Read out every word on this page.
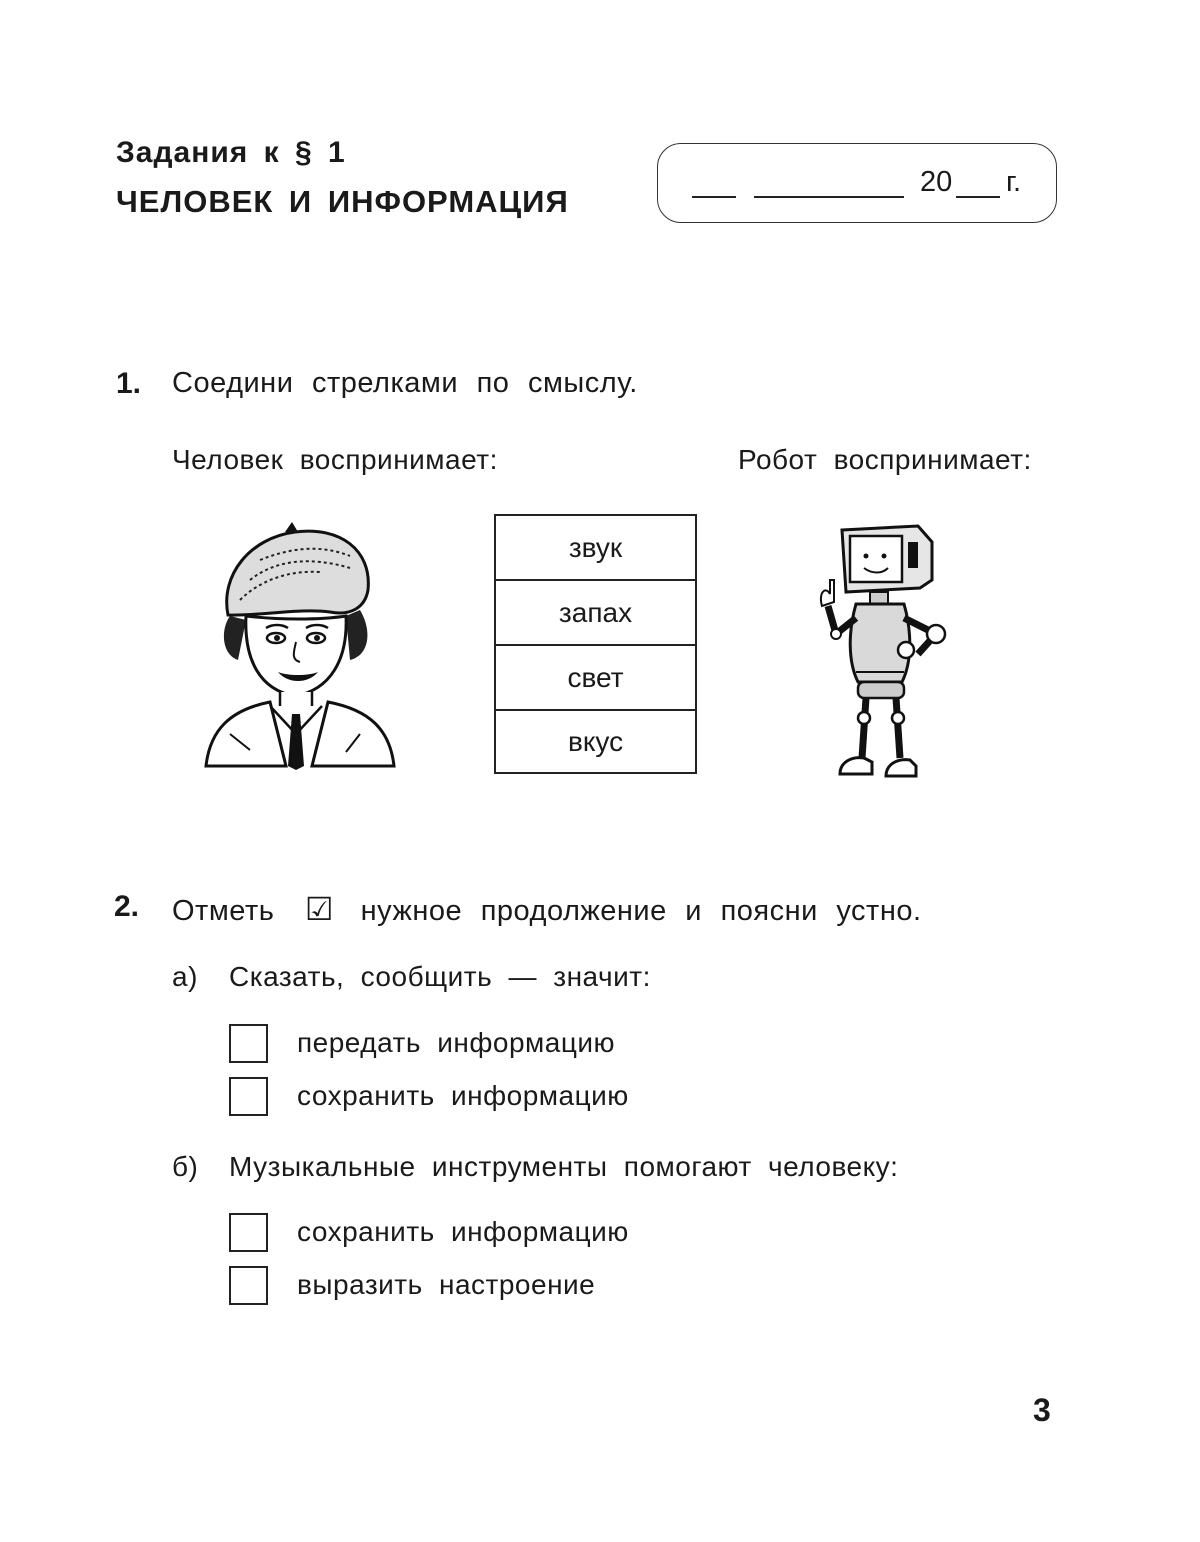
Задания к § 1
ЧЕЛОВЕК И ИНФОРМАЦИЯ
20 г.
1. Соедини стрелками по смыслу.
Человек воспринимает:	Робот воспринимает:
звук
запах
свет
вкус
2. Отметь ☑ нужное продолжение и поясни устно.
а) Сказать, сообщить — значит:
передать информацию
сохранить информацию
б) Музыкальные инструменты помогают человеку:
сохранить информацию
выразить настроение
3
